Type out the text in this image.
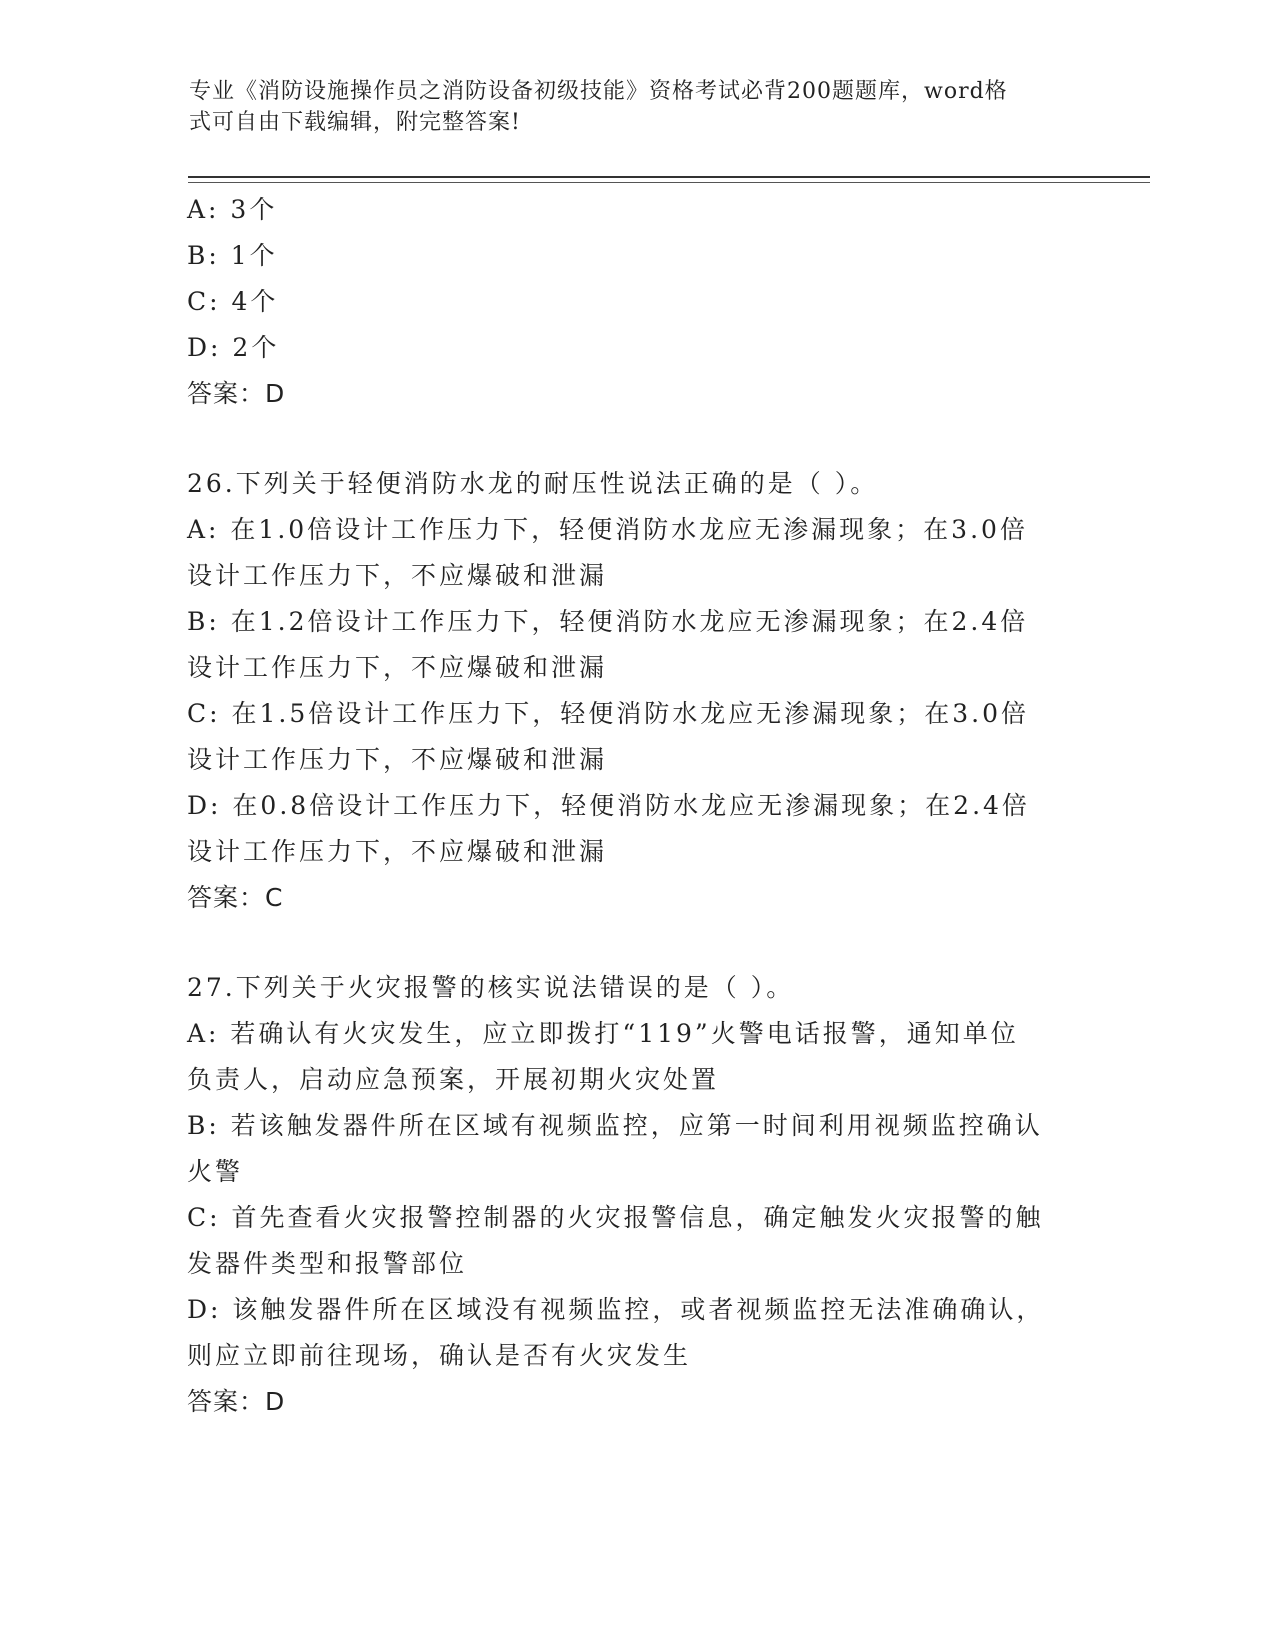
专业《消防设施操作员之消防设备初级技能》资格考试必背200题题库，word格
式可自由下载编辑，附完整答案!
A: 3个
B: 1个
C: 4个
D: 2个
答案：D
26.下列关于轻便消防水龙的耐压性说法正确的是（ ）。
A: 在1.0倍设计工作压力下，轻便消防水龙应无渗漏现象；在3.0倍
设计工作压力下，不应爆破和泄漏
B: 在1.2倍设计工作压力下，轻便消防水龙应无渗漏现象；在2.4倍
设计工作压力下，不应爆破和泄漏
C: 在1.5倍设计工作压力下，轻便消防水龙应无渗漏现象；在3.0倍
设计工作压力下，不应爆破和泄漏
D: 在0.8倍设计工作压力下，轻便消防水龙应无渗漏现象；在2.4倍
设计工作压力下，不应爆破和泄漏
答案：C
27.下列关于火灾报警的核实说法错误的是（ ）。
A: 若确认有火灾发生，应立即拨打“119”火警电话报警，通知单位
负责人，启动应急预案，开展初期火灾处置
B: 若该触发器件所在区域有视频监控，应第一时间利用视频监控确认
火警
C: 首先查看火灾报警控制器的火灾报警信息，确定触发火灾报警的触
发器件类型和报警部位
D: 该触发器件所在区域没有视频监控，或者视频监控无法准确确认，
则应立即前往现场，确认是否有火灾发生
答案：D
